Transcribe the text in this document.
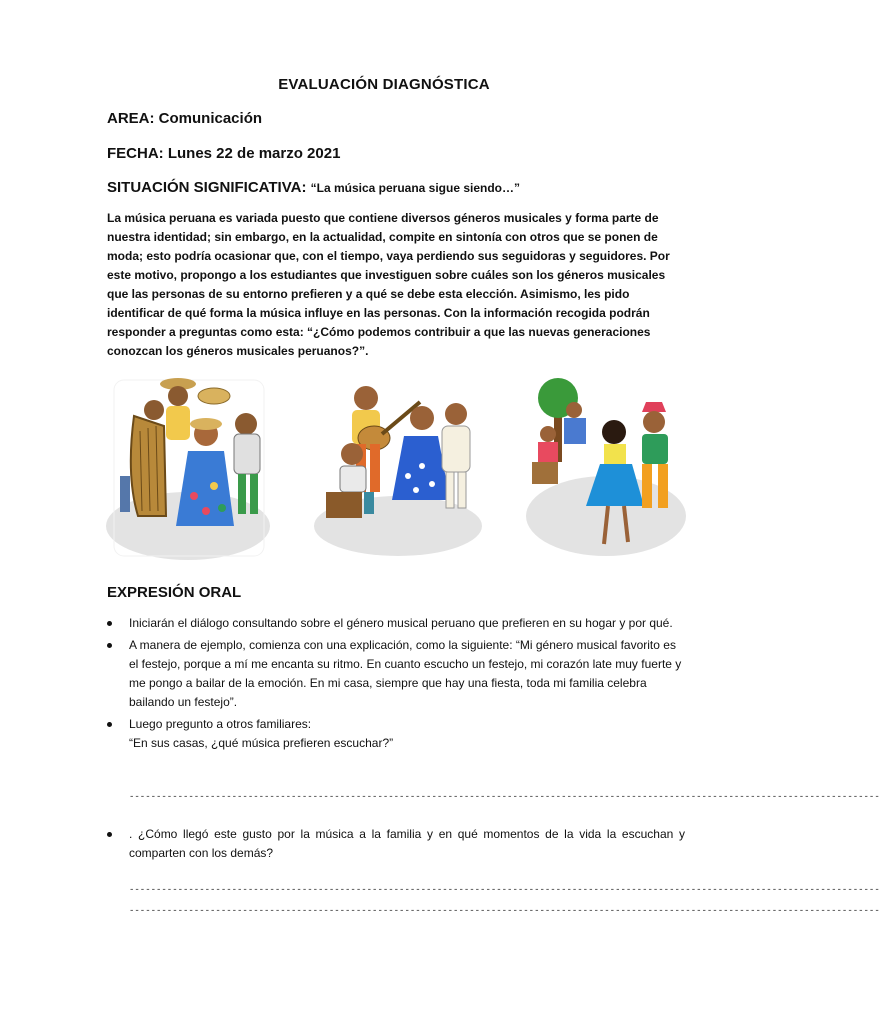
EVALUACIÓN DIAGNÓSTICA
AREA: Comunicación
FECHA: Lunes 22 de marzo 2021
SITUACIÓN SIGNIFICATIVA: “La música peruana sigue siendo…”
La música peruana es variada puesto que contiene diversos géneros musicales y forma parte de nuestra identidad; sin embargo, en la actualidad, compite en sintonía con otros que se ponen de moda; esto podría ocasionar que, con el tiempo, vaya perdiendo sus seguidoras y seguidores. Por este motivo, propongo a los estudiantes que investiguen sobre cuáles son los géneros musicales que las personas de su entorno prefieren y a qué se debe esta elección. Asimismo, les pido identificar de qué forma la música influye en las personas. Con la información recogida podrán responder a preguntas como esta: “¿Cómo podemos contribuir a que las nuevas generaciones conozcan los géneros musicales peruanos?”.
EXPRESIÓN ORAL
Iniciarán el diálogo consultando sobre el género musical peruano que prefieren en su hogar y por qué.
A manera de ejemplo, comienza con una explicación, como la siguiente: “Mi género musical favorito es el festejo, porque a mí me encanta su ritmo. En cuanto escucho un festejo, mi corazón late muy fuerte y me pongo a bailar de la emoción. En mi casa, siempre que hay una fiesta, toda mi familia celebra bailando un festejo”.
Luego pregunto a otros familiares:
“En sus casas, ¿qué música prefieren escuchar?”
-------------------------------------------------------------------------------------------------------------------------------------------
. ¿Cómo llegó este gusto por la música a la familia y en qué momentos de la vida la escuchan y comparten con los demás?
-------------------------------------------------------------------------------------------------------------------------------------------
-------------------------------------------------------------------------------------------------------------------------------------------
